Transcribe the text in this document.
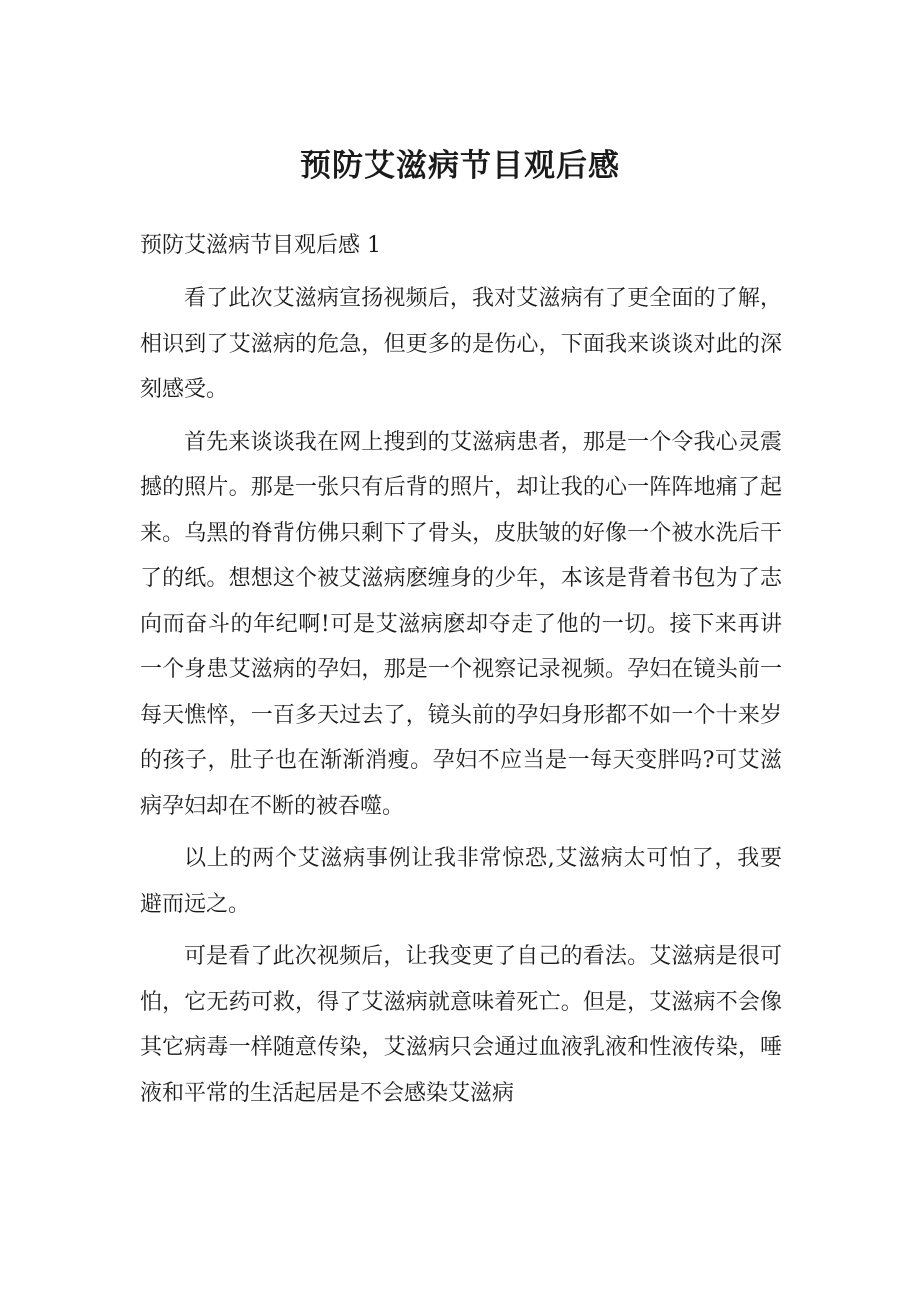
预防艾滋病节目观后感
预防艾滋病节目观后感 1

看了此次艾滋病宣扬视频后，我对艾滋病有了更全面的了解，相识到了艾滋病的危急，但更多的是伤心，下面我来谈谈对此的深刻感受。

首先来谈谈我在网上搜到的艾滋病患者，那是一个令我心灵震撼的照片。那是一张只有后背的照片，却让我的心一阵阵地痛了起来。乌黑的脊背仿佛只剩下了骨头，皮肤皱的好像一个被水洗后干了的纸。想想这个被艾滋病麽缠身的少年，本该是背着书包为了志向而奋斗的年纪啊!可是艾滋病麽却夺走了他的一切。接下来再讲一个身患艾滋病的孕妇，那是一个视察记录视频。孕妇在镜头前一每天憔悴，一百多天过去了，镜头前的孕妇身形都不如一个十来岁的孩子，肚子也在渐渐消瘦。孕妇不应当是一每天变胖吗?可艾滋病孕妇却在不断的被吞噬。

以上的两个艾滋病事例让我非常惊恐,艾滋病太可怕了，我要避而远之。

可是看了此次视频后，让我变更了自己的看法。艾滋病是很可怕，它无药可救，得了艾滋病就意味着死亡。但是，艾滋病不会像其它病毒一样随意传染，艾滋病只会通过血液乳液和性液传染，唾液和平常的生活起居是不会感染艾滋病
